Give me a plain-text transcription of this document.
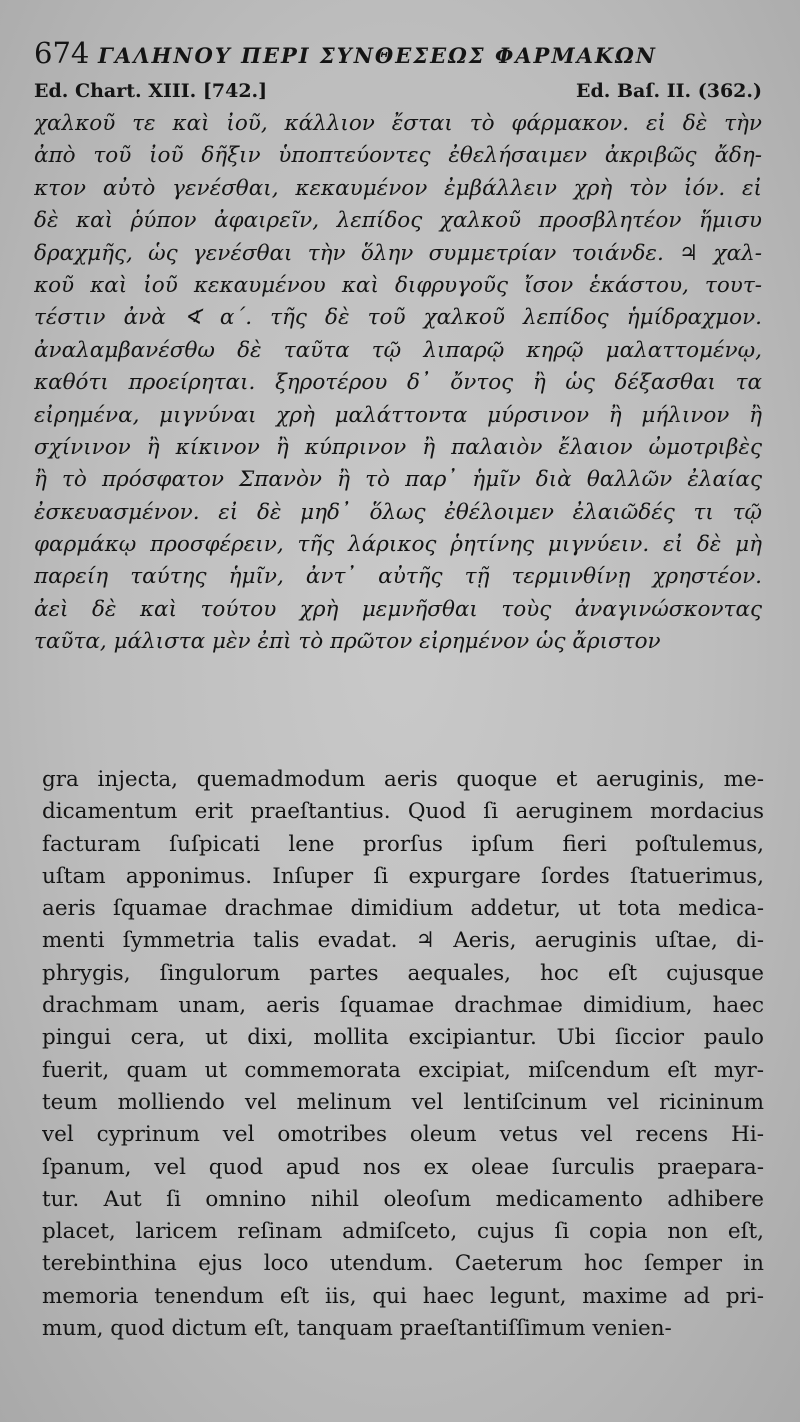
674 ΓΑΛΗΝΟΥ ΠΕΡΙ ΣΥΝΘΕΣΕΩΣ ΦΑΡΜΑΚΩΝ
Ed. Chart. XIII. [742.]	Ed. Baſ. II. (362.)
χαλκοῦ τε καὶ ἰοῦ, κάλλιον ἔσται τὸ φάρμακον. εἰ δὲ τὴν
ἀπὸ τοῦ ἰοῦ δῆξιν ὑποπτεύοντες ἐθελήσαιμεν ἀκριβῶς ἄδη-
κτον αὐτὸ γενέσθαι, κεκαυμένον ἐμβάλλειν χρὴ τὸν ἰόν. εἰ
δὲ καὶ ῥύπον ἀφαιρεῖν, λεπίδος χαλκοῦ προσβλητέον ἥμισυ
δραχμῆς, ὡς γενέσθαι τὴν ὅλην συμμετρίαν τοιάνδε. ♃ χαλ-
κοῦ καὶ ἰοῦ κεκαυμένου καὶ διφρυγοῦς ἴσον ἑκάστου, τουτ-
τέστιν ἀνὰ ∢ α΄. τῆς δὲ τοῦ χαλκοῦ λεπίδος ἡμίδραχμον.
ἀναλαμβανέσθω δὲ ταῦτα τῷ λιπαρῷ κηρῷ μαλαττομένῳ,
καθότι προείρηται. ξηροτέρου δ᾽ ὄντος ἢ ὡς δέξασθαι τα
εἰρημένα, μιγνύναι χρὴ μαλάττοντα μύρσινον ἢ μήλινον ἢ
σχίνινον ἢ κίκινον ἢ κύπρινον ἢ παλαιὸν ἔλαιον ὠμοτριβὲς
ἢ τὸ πρόσφατον Σπανὸν ἢ τὸ παρ᾽ ἡμῖν διὰ θαλλῶν ἐλαίας
ἐσκευασμένον. εἰ δὲ μηδ᾽ ὅλως ἐθέλοιμεν ἐλαιῶδές τι τῷ
φαρμάκῳ προσφέρειν, τῆς λάρικος ῥητίνης μιγνύειν. εἰ δὲ μὴ
παρείη ταύτης ἡμῖν, ἀντ᾽ αὐτῆς τῇ τερμινθίνῃ χρηστέον.
ἀεὶ δὲ καὶ τούτου χρὴ μεμνῆσθαι τοὺς ἀναγινώσκοντας
ταῦτα, μάλιστα μὲν ἐπὶ τὸ πρῶτον εἰρημένον ὡς ἄριστον
gra injecta, quemadmodum aeris quoque et aeruginis, me-
dicamentum erit praeſtantius. Quod ſi aeruginem mordacius
facturam ſuſpicati lene prorſus ipſum fieri poſtulemus,
uſtam apponimus. Inſuper ſi expurgare ſordes ſtatuerimus,
aeris ſquamae drachmae dimidium addetur, ut tota medica-
menti ſymmetria talis evadat. ♃ Aeris, aeruginis uſtae, di-
phrygis, ſingulorum partes aequales, hoc eſt cujusque
drachmam unam, aeris ſquamae drachmae dimidium, haec
pingui cera, ut dixi, mollita excipiantur. Ubi ſiccior paulo
fuerit, quam ut commemorata excipiat, miſcendum eſt myr-
teum molliendo vel melinum vel lentiſcinum vel ricininum
vel cyprinum vel omotribes oleum vetus vel recens Hi-
ſpanum, vel quod apud nos ex oleae ſurculis praepara-
tur. Aut ſi omnino nihil oleoſum medicamento adhibere
placet, laricem reſinam admiſceto, cujus ſi copia non eſt,
terebinthina ejus loco utendum. Caeterum hoc ſemper in
memoria tenendum eſt iis, qui haec legunt, maxime ad pri-
mum, quod dictum eſt, tanquam praeſtantiſſimum venien-
